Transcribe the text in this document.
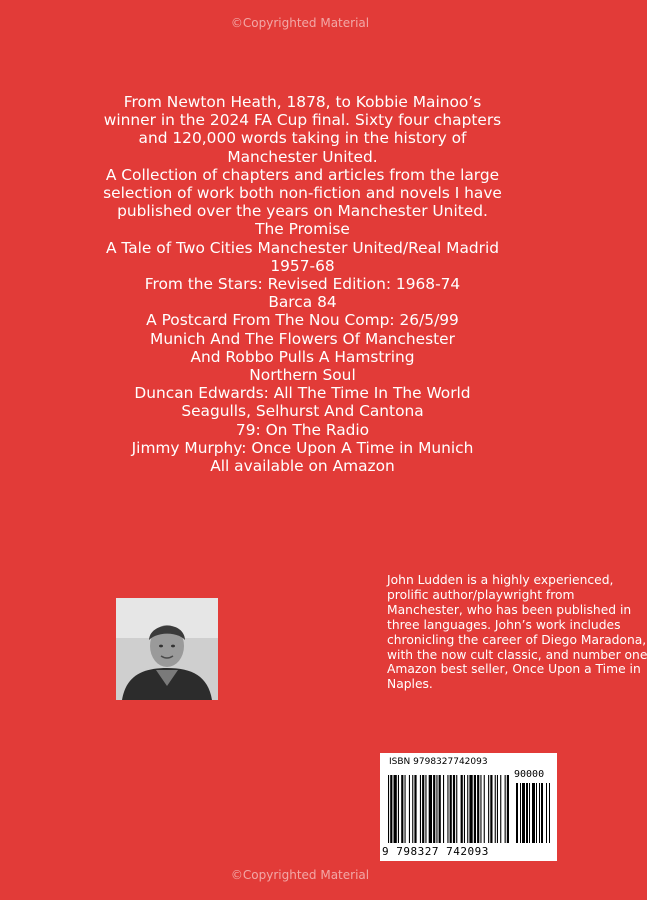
©Copyrighted Material
From Newton Heath, 1878, to Kobbie Mainoo’s
winner in the 2024 FA Cup final. Sixty four chapters
and 120,000 words taking in the history of
Manchester United.
A Collection of chapters and articles from the large
selection of work both non-fiction and novels I have
published over the years on Manchester United.
The Promise
A Tale of Two Cities Manchester United/Real Madrid
1957-68
From the Stars: Revised Edition: 1968-74
Barca 84
A Postcard From The Nou Comp: 26/5/99
Munich And The Flowers Of Manchester
And Robbo Pulls A Hamstring
Northern Soul
Duncan Edwards: All The Time In The World
Seagulls, Selhurst And Cantona
79: On The Radio
Jimmy Murphy: Once Upon A Time in Munich
All available on Amazon
John Ludden is a highly experienced,
prolific author/playwright from
Manchester, who has been published in
three languages. John’s work includes
chronicling the career of Diego Maradona,
with the now cult classic, and number one
Amazon best seller, Once Upon a Time in
Naples.
ISBN 9798327742093
90000
9 798327 742093
©Copyrighted Material
